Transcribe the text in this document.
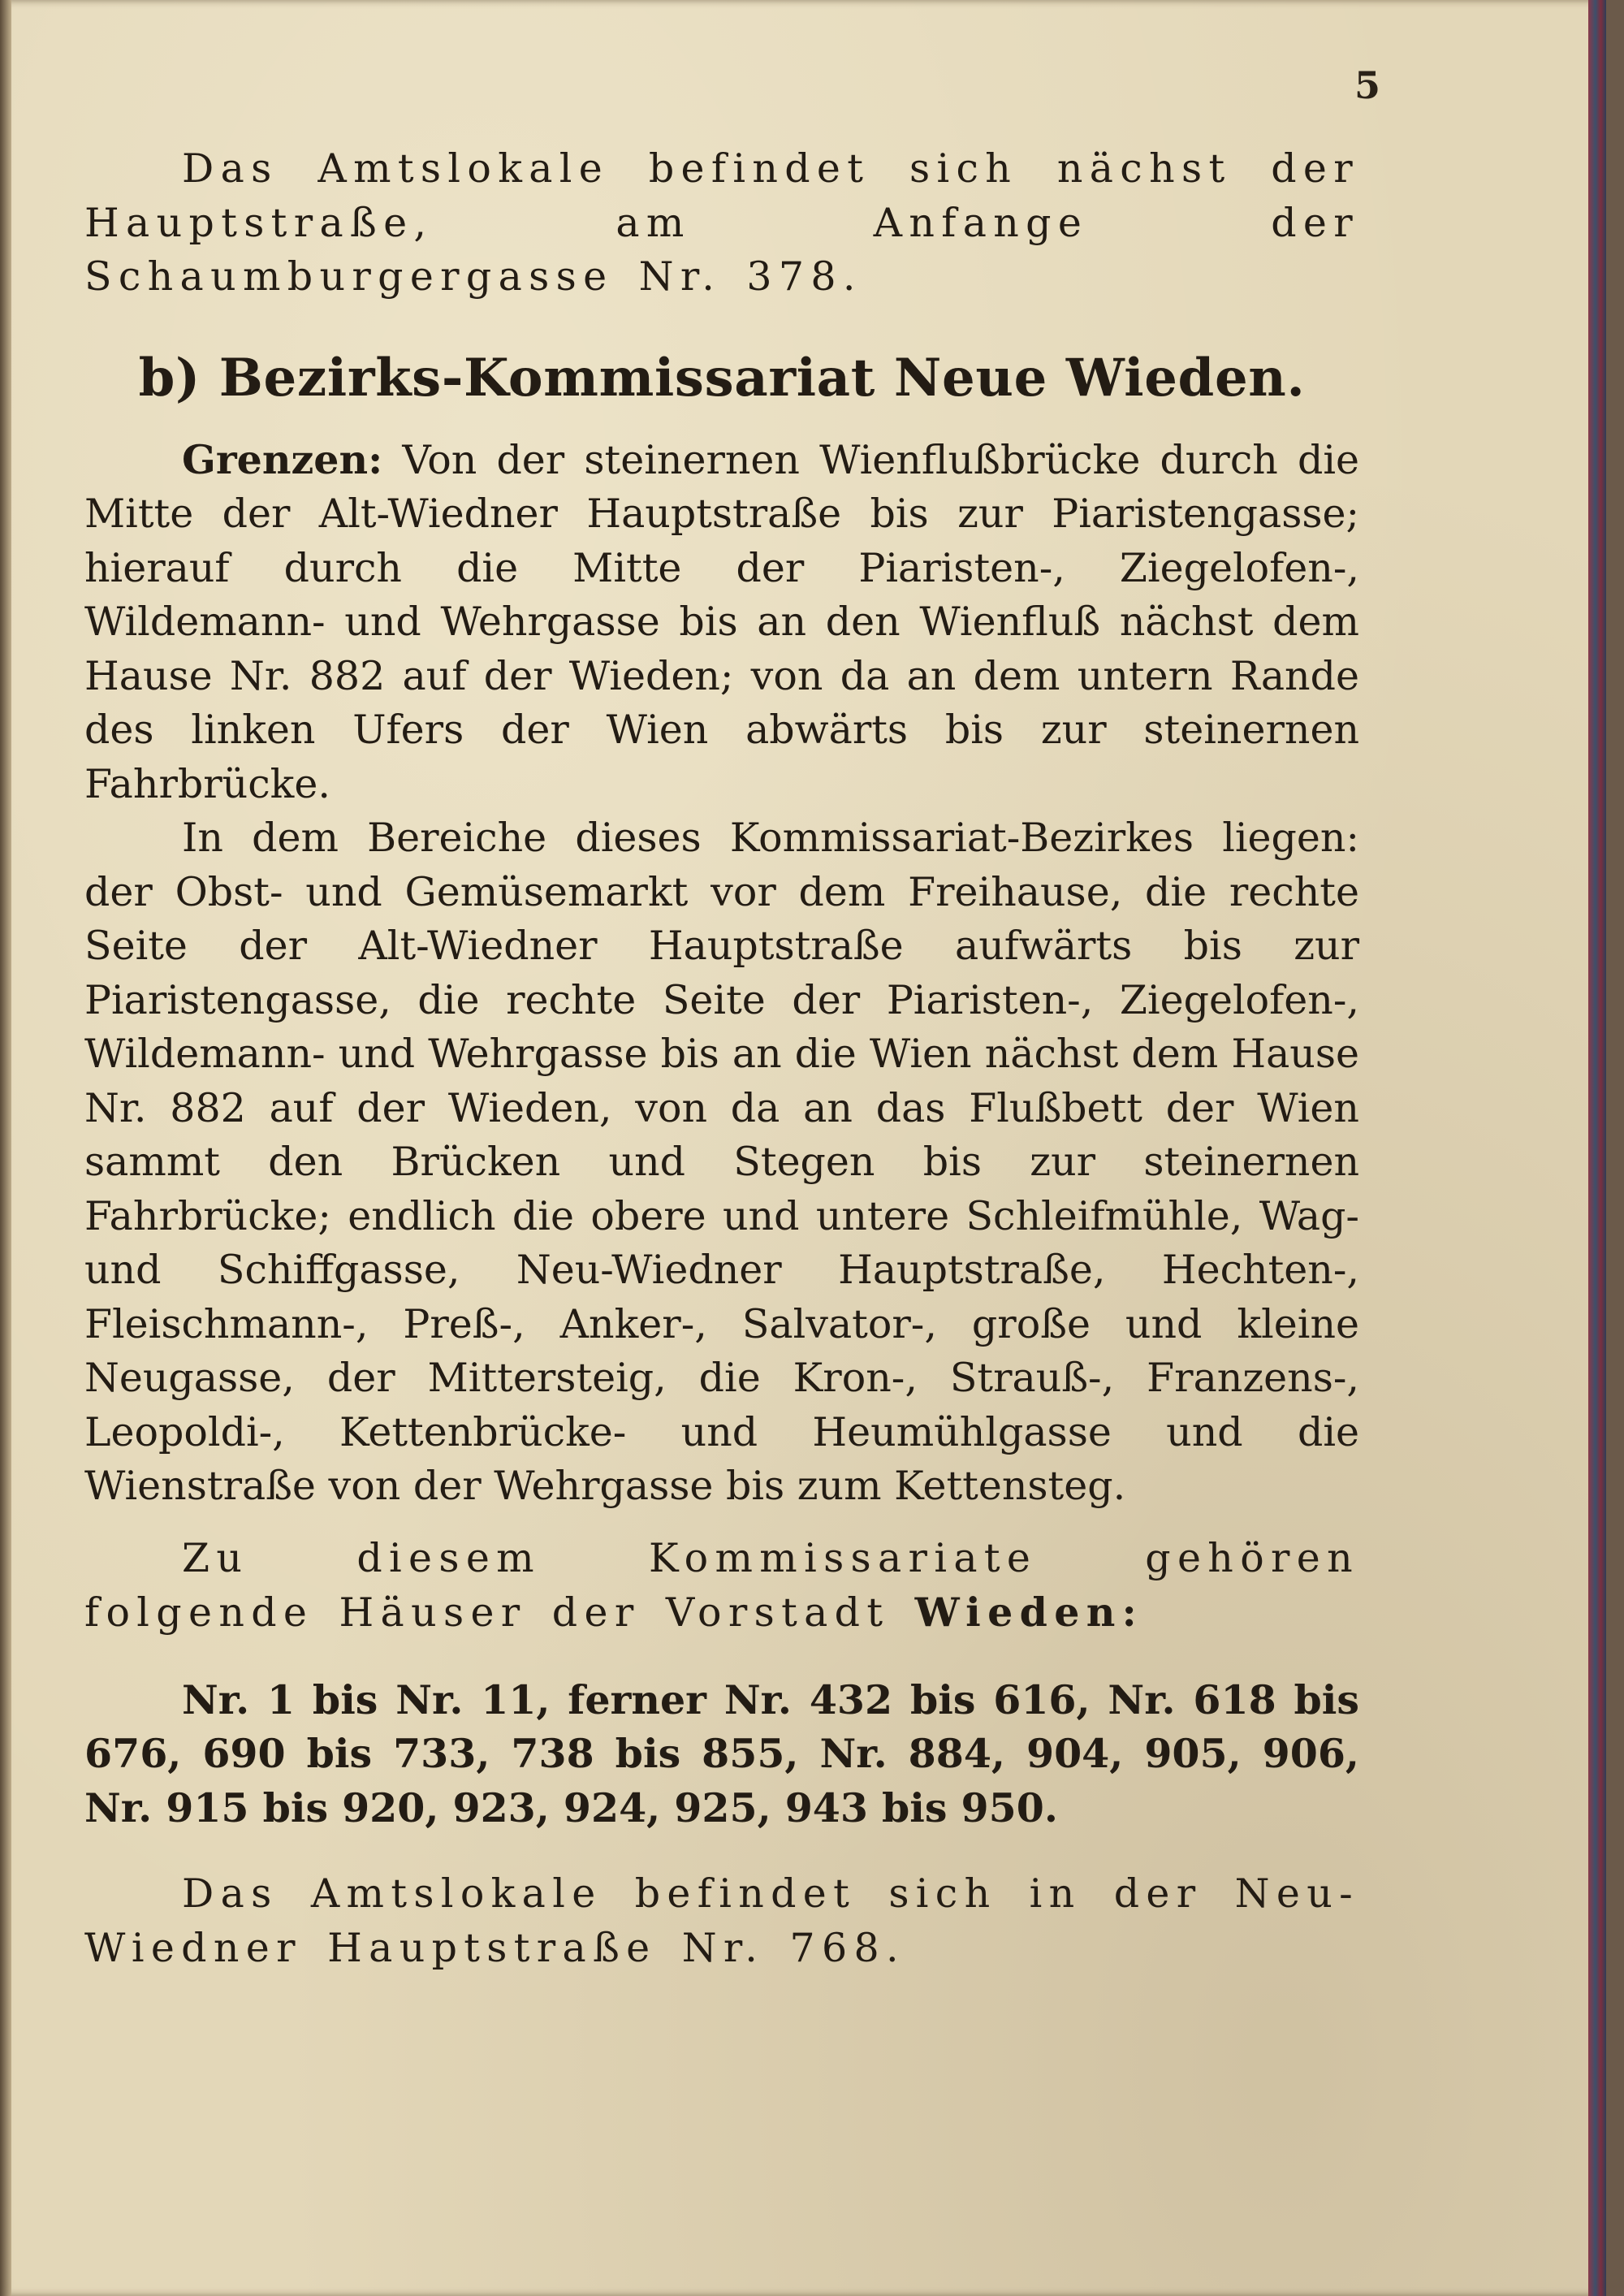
5

Das Amtslokale befindet sich nächst der Hauptstraße, am Anfange der Schaumburgergasse Nr. 378.

b) Bezirks-Kommissariat Neue Wieden.

Grenzen: Von der steinernen Wienflußbrücke durch die Mitte der Alt-Wiedner Hauptstraße bis zur Piaristengasse; hierauf durch die Mitte der Piaristen-, Ziegelofen-, Wildemann- und Wehrgasse bis an den Wienfluß nächst dem Hause Nr. 882 auf der Wieden; von da an dem untern Rande des linken Ufers der Wien abwärts bis zur steinernen Fahrbrücke.

In dem Bereiche dieses Kommissariat-Bezirkes liegen: der Obst- und Gemüsemarkt vor dem Freihause, die rechte Seite der Alt-Wiedner Hauptstraße aufwärts bis zur Piaristengasse, die rechte Seite der Piaristen-, Ziegelofen-, Wildemann- und Wehrgasse bis an die Wien nächst dem Hause Nr. 882 auf der Wieden, von da an das Flußbett der Wien sammt den Brücken und Stegen bis zur steinernen Fahrbrücke; endlich die obere und untere Schleifmühle, Wag- und Schiffgasse, Neu-Wiedner Hauptstraße, Hechten-, Fleischmann-, Preß-, Anker-, Salvator-, große und kleine Neugasse, der Mittersteig, die Kron-, Strauß-, Franzens-, Leopoldi-, Kettenbrücke- und Heumühlgasse und die Wienstraße von der Wehrgasse bis zum Kettensteg.

Zu diesem Kommissariate gehören folgende Häuser der Vorstadt Wieden:

Nr. 1 bis Nr. 11, ferner Nr. 432 bis 616, Nr. 618 bis 676, 690 bis 733, 738 bis 855, Nr. 884, 904, 905, 906, Nr. 915 bis 920, 923, 924, 925, 943 bis 950.

Das Amtslokale befindet sich in der Neu-Wiedner Hauptstraße Nr. 768.
